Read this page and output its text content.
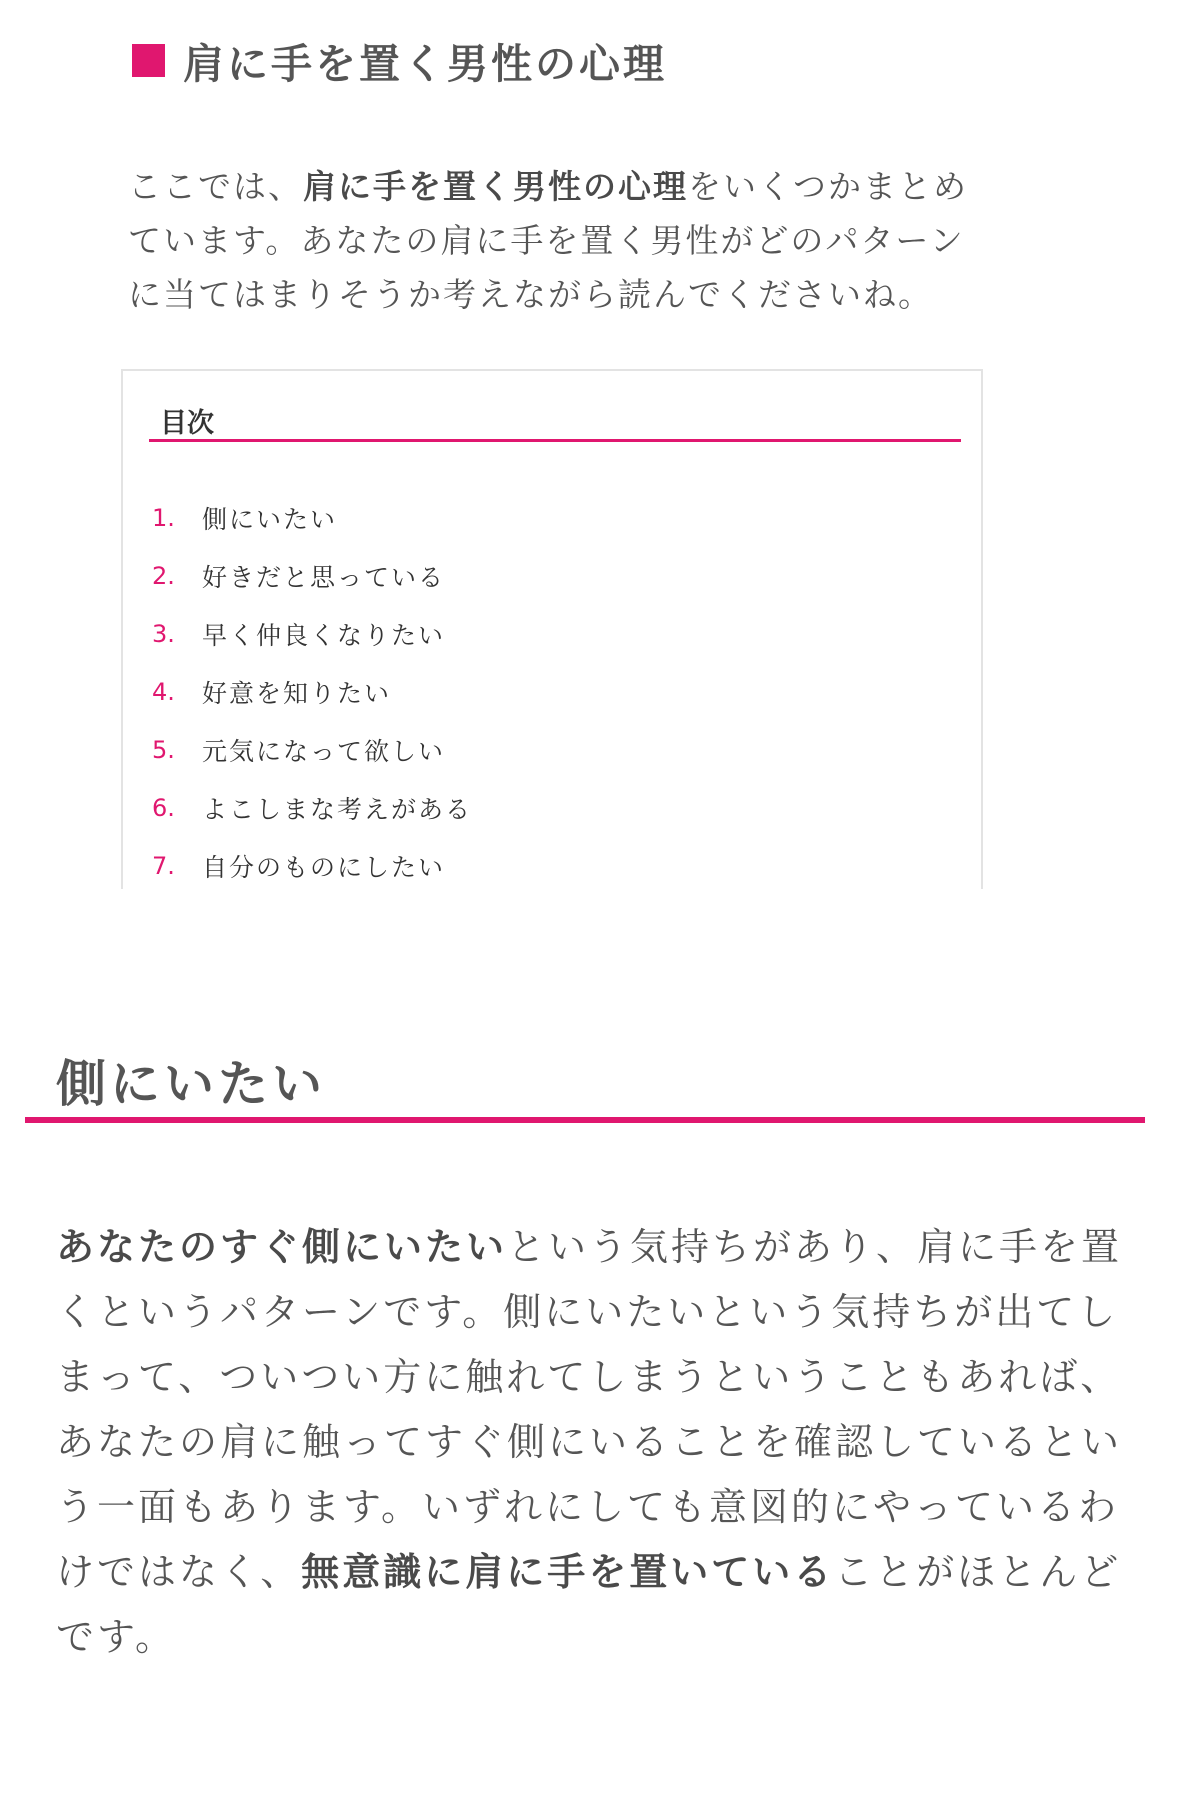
肩に手を置く男性の心理

ここでは、肩に手を置く男性の心理をいくつかまとめています。あなたの肩に手を置く男性がどのパターンに当てはまりそうか考えながら読んでくださいね。

目次
1.	側にいたい
2.	好きだと思っている
3.	早く仲良くなりたい
4.	好意を知りたい
5.	元気になって欲しい
6.	よこしまな考えがある
7.	自分のものにしたい
側にいたい

あなたのすぐ側にいたいという気持ちがあり、肩に手を置くというパターンです。側にいたいという気持ちが出てしまって、ついつい方に触れてしまうということもあれば、あなたの肩に触ってすぐ側にいることを確認しているという一面もあります。いずれにしても意図的にやっているわけではなく、無意識に肩に手を置いていることがほとんどです。
